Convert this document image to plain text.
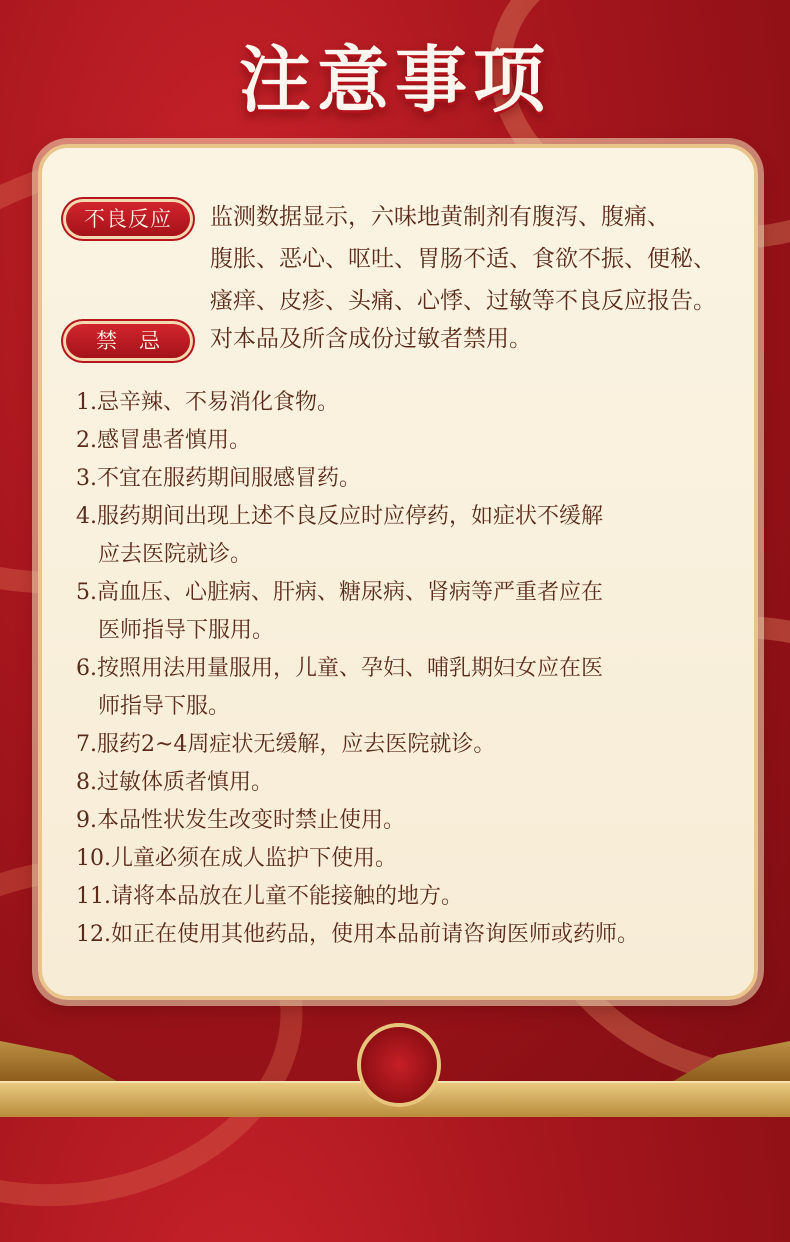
注意事项
不良反应	监测数据显示，六味地黄制剂有腹泻、腹痛、
腹胀、恶心、呕吐、胃肠不适、食欲不振、便秘、
瘙痒、皮疹、头痛、心悸、过敏等不良反应报告。
禁忌	对本品及所含成份过敏者禁用。

1.忌辛辣、不易消化食物。

2.感冒患者慎用。

3.不宜在服药期间服感冒药。

4.服药期间出现上述不良反应时应停药，如症状不缓解
应去医院就诊。

5.高血压、心脏病、肝病、糖尿病、肾病等严重者应在
医师指导下服用。

6.按照用法用量服用，儿童、孕妇、哺乳期妇女应在医
师指导下服。

7.服药2~4周症状无缓解，应去医院就诊。

8.过敏体质者慎用。

9.本品性状发生改变时禁止使用。

10.儿童必须在成人监护下使用。

11.请将本品放在儿童不能接触的地方。

12.如正在使用其他药品，使用本品前请咨询医师或药师。
